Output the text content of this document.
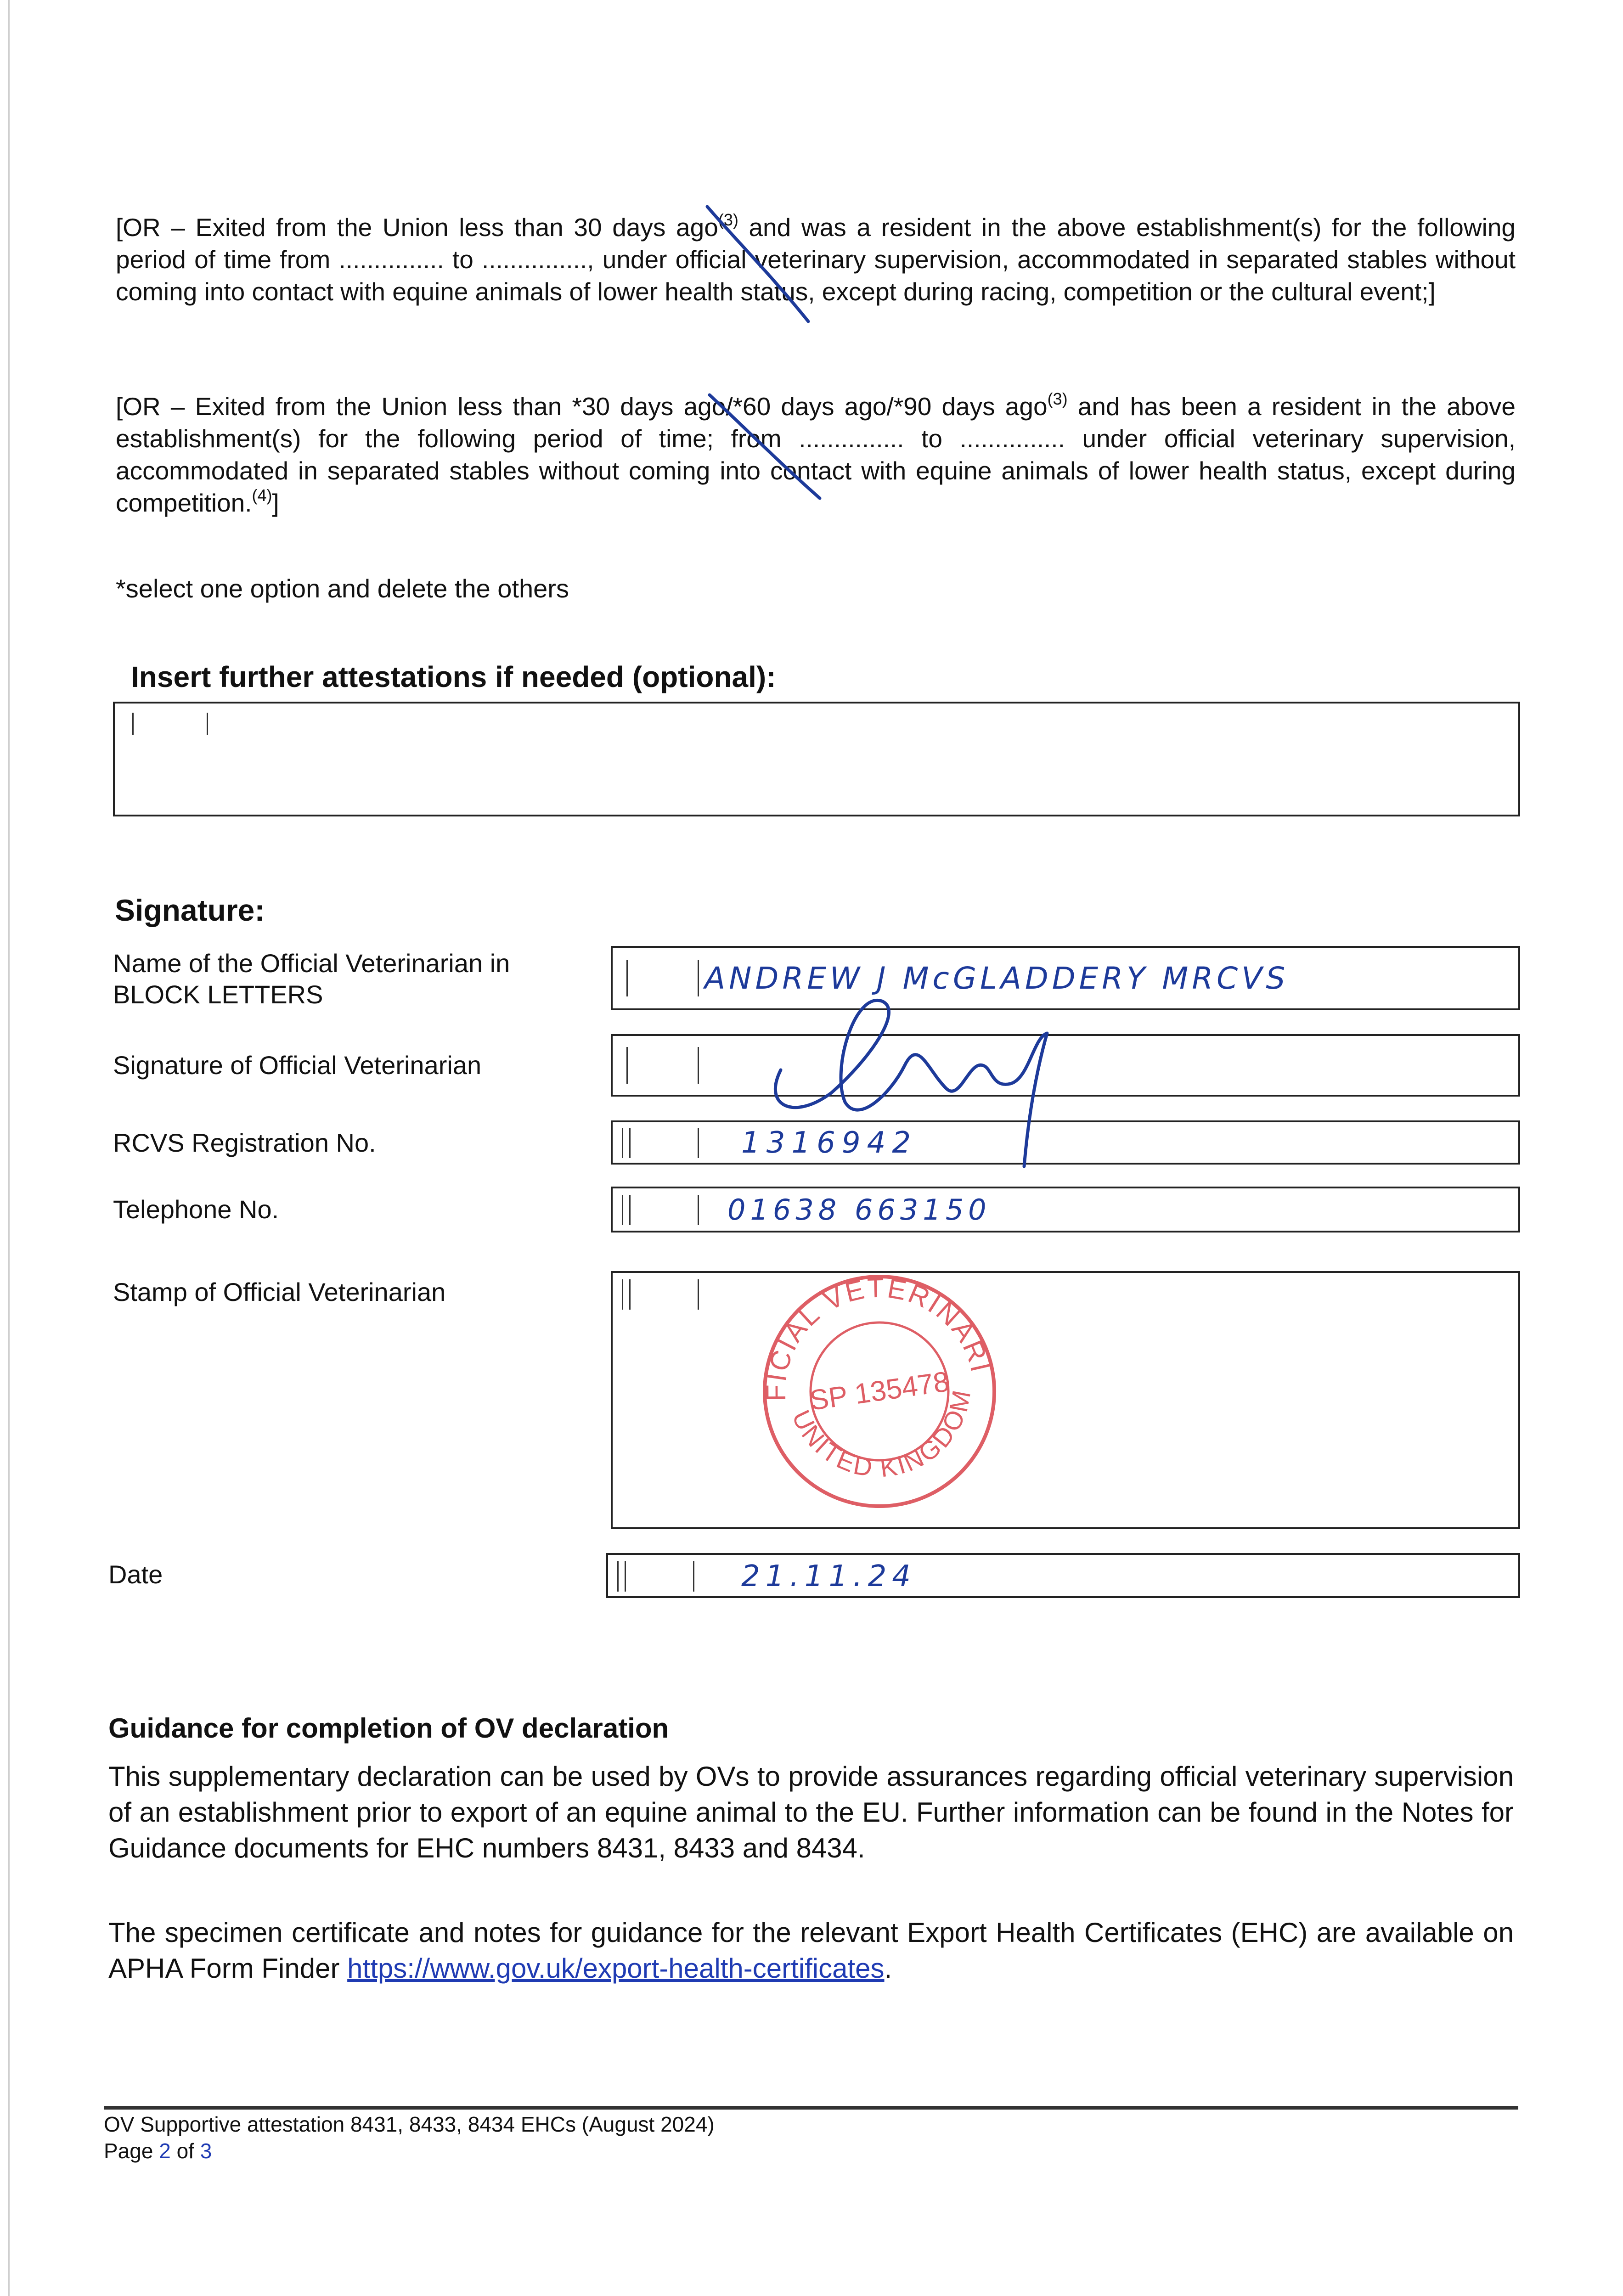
[OR – Exited from the Union less than 30 days ago$^{(3)}$ and was a resident in the above establishment(s) for the following period of time from ............... to ..............., under official veterinary supervision, accommodated in separated stables without coming into contact with equine animals of lower health status, except during racing, competition or the cultural event;]
[OR – Exited from the Union less than *30 days ago/*60 days ago/*90 days ago$^{(3)}$ and has been a resident in the above establishment(s) for the following period of time; from ............... to ............... under official veterinary supervision, accommodated in separated stables without coming into contact with equine animals of lower health status, except during competition.$^{(4)}$]
*select one option and delete the others
Insert further attestations if needed (optional):
Signature:
Name of the Official Veterinarian in BLOCK LETTERS	ANDREW J McGLADDERY MRCVS
Signature of Official Veterinarian
RCVS Registration No.	1316942
Telephone No.	01638 663150
Stamp of Official Veterinarian
OFFICIAL VETERINARIAN
UNITED KINGDOM
SP 135478
Date	21.11.24
Guidance for completion of OV declaration
This supplementary declaration can be used by OVs to provide assurances regarding official veterinary supervision of an establishment prior to export of an equine animal to the EU. Further information can be found in the Notes for Guidance documents for EHC numbers 8431, 8433 and 8434.
The specimen certificate and notes for guidance for the relevant Export Health Certificates (EHC) are available on APHA Form Finder https://www.gov.uk/export-health-certificates.
OV Supportive attestation 8431, 8433, 8434 EHCs (August 2024)
Page 2 of 3
